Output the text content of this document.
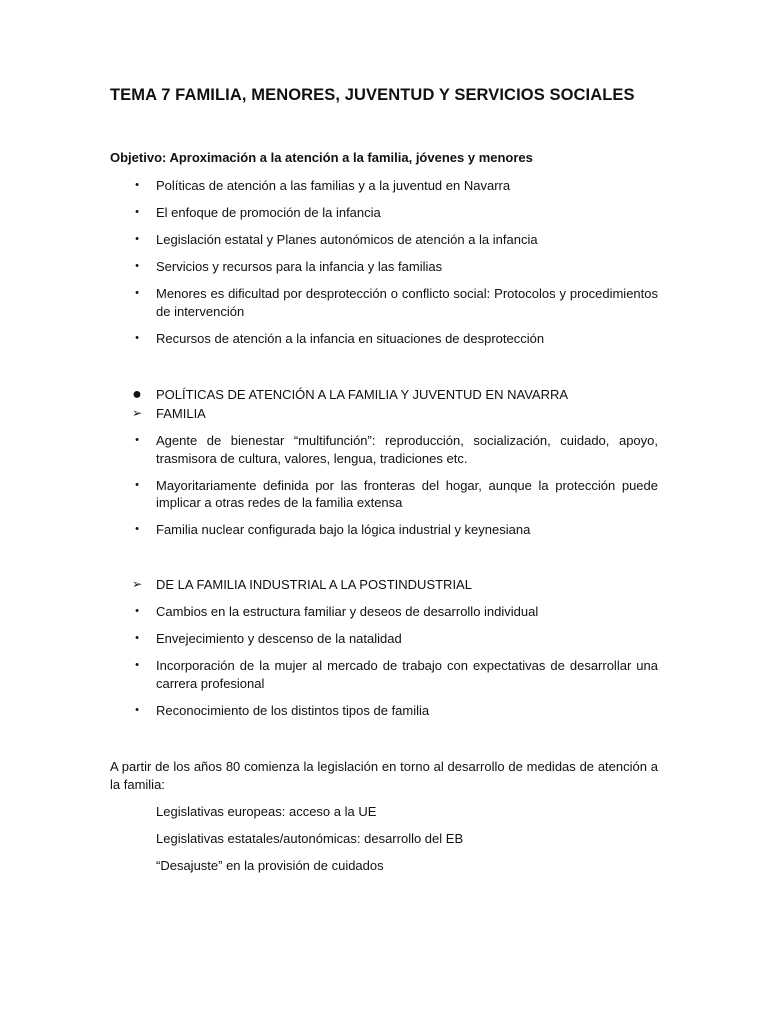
TEMA 7 FAMILIA, MENORES, JUVENTUD Y SERVICIOS SOCIALES

Objetivo: Aproximación a la atención a la familia, jóvenes y menores

•	Políticas de atención a las familias y a la juventud en Navarra
•	El enfoque de promoción de la infancia
•	Legislación estatal y Planes autonómicos de atención a la infancia
•	Servicios y recursos para la infancia y las familias
•	Menores es dificultad por desprotección o conflicto social: Protocolos y procedimientos de intervención
•	Recursos de atención a la infancia en situaciones de desprotección
● POLÍTICAS DE ATENCIÓN A LA FAMILIA Y JUVENTUD EN NAVARRA
➢ FAMILIA
•	Agente de bienestar “multifunción”: reproducción, socialización, cuidado, apoyo, trasmisora de cultura, valores, lengua, tradiciones etc.
•	Mayoritariamente definida por las fronteras del hogar, aunque la protección puede implicar a otras redes de la familia extensa
•	Familia nuclear configurada bajo la lógica industrial y keynesiana
➢ DE LA FAMILIA INDUSTRIAL A LA POSTINDUSTRIAL
•	Cambios en la estructura familiar y deseos de desarrollo individual
•	Envejecimiento y descenso de la natalidad
•	Incorporación de la mujer al mercado de trabajo con expectativas de desarrollar una carrera profesional
•	Reconocimiento de los distintos tipos de familia

A partir de los años 80 comienza la legislación en torno al desarrollo de medidas de atención a la familia:

Legislativas europeas: acceso a la UE
Legislativas estatales/autonómicas: desarrollo del EB
“Desajuste” en la provisión de cuidados
